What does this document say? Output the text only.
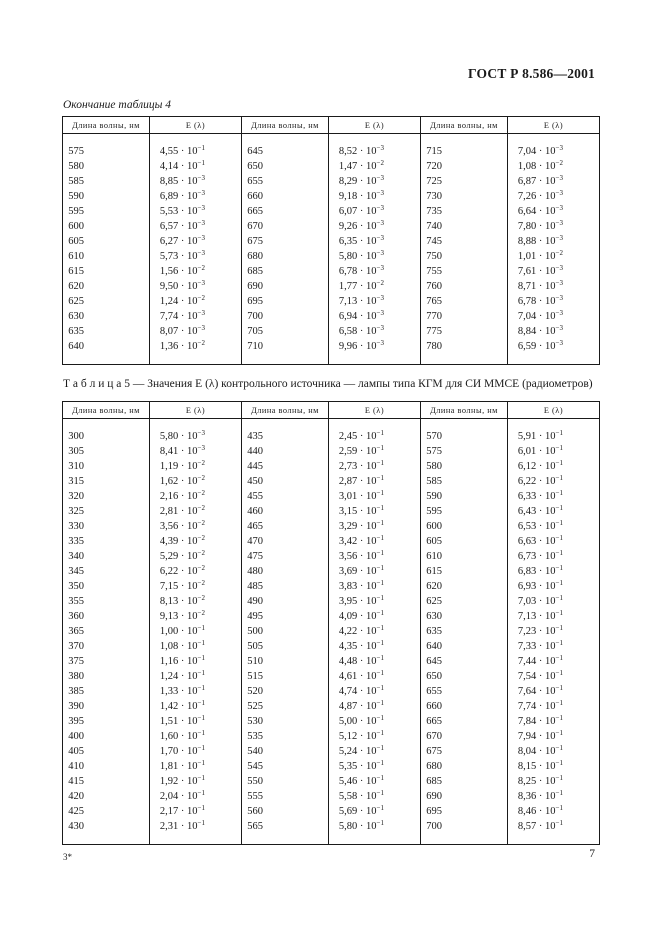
ГОСТ Р 8.586—2001
Окончание таблицы 4
Длина волны, нм	E (λ)	Длина волны, нм	E (λ)	Длина волны, нм	E (λ)

575	$4,55 \cdot 10^{-1}$	645	$8,52 \cdot 10^{-3}$	715	$7,04 \cdot 10^{-3}$
580	$4,14 \cdot 10^{-1}$	650	$1,47 \cdot 10^{-2}$	720	$1,08 \cdot 10^{-2}$
585	$8,85 \cdot 10^{-3}$	655	$8,29 \cdot 10^{-3}$	725	$6,87 \cdot 10^{-3}$
590	$6,89 \cdot 10^{-3}$	660	$9,18 \cdot 10^{-3}$	730	$7,26 \cdot 10^{-3}$
595	$5,53 \cdot 10^{-3}$	665	$6,07 \cdot 10^{-3}$	735	$6,64 \cdot 10^{-3}$
600	$6,57 \cdot 10^{-3}$	670	$9,26 \cdot 10^{-3}$	740	$7,80 \cdot 10^{-3}$
605	$6,27 \cdot 10^{-3}$	675	$6,35 \cdot 10^{-3}$	745	$8,88 \cdot 10^{-3}$
610	$5,73 \cdot 10^{-3}$	680	$5,80 \cdot 10^{-3}$	750	$1,01 \cdot 10^{-2}$
615	$1,56 \cdot 10^{-2}$	685	$6,78 \cdot 10^{-3}$	755	$7,61 \cdot 10^{-3}$
620	$9,50 \cdot 10^{-3}$	690	$1,77 \cdot 10^{-2}$	760	$8,71 \cdot 10^{-3}$
625	$1,24 \cdot 10^{-2}$	695	$7,13 \cdot 10^{-3}$	765	$6,78 \cdot 10^{-3}$
630	$7,74 \cdot 10^{-3}$	700	$6,94 \cdot 10^{-3}$	770	$7,04 \cdot 10^{-3}$
635	$8,07 \cdot 10^{-3}$	705	$6,58 \cdot 10^{-3}$	775	$8,84 \cdot 10^{-3}$
640	$1,36 \cdot 10^{-2}$	710	$9,96 \cdot 10^{-3}$	780	$6,59 \cdot 10^{-3}$

Т а б л и ц а 5 — Значения E (λ) контрольного источника — лампы типа КГМ для СИ ММСЕ (радиометров)
Длина волны, нм	E (λ)	Длина волны, нм	E (λ)	Длина волны, нм	E (λ)

300	$5,80 \cdot 10^{-3}$	435	$2,45 \cdot 10^{-1}$	570	$5,91 \cdot 10^{-1}$
305	$8,41 \cdot 10^{-3}$	440	$2,59 \cdot 10^{-1}$	575	$6,01 \cdot 10^{-1}$
310	$1,19 \cdot 10^{-2}$	445	$2,73 \cdot 10^{-1}$	580	$6,12 \cdot 10^{-1}$
315	$1,62 \cdot 10^{-2}$	450	$2,87 \cdot 10^{-1}$	585	$6,22 \cdot 10^{-1}$
320	$2,16 \cdot 10^{-2}$	455	$3,01 \cdot 10^{-1}$	590	$6,33 \cdot 10^{-1}$
325	$2,81 \cdot 10^{-2}$	460	$3,15 \cdot 10^{-1}$	595	$6,43 \cdot 10^{-1}$
330	$3,56 \cdot 10^{-2}$	465	$3,29 \cdot 10^{-1}$	600	$6,53 \cdot 10^{-1}$
335	$4,39 \cdot 10^{-2}$	470	$3,42 \cdot 10^{-1}$	605	$6,63 \cdot 10^{-1}$
340	$5,29 \cdot 10^{-2}$	475	$3,56 \cdot 10^{-1}$	610	$6,73 \cdot 10^{-1}$
345	$6,22 \cdot 10^{-2}$	480	$3,69 \cdot 10^{-1}$	615	$6,83 \cdot 10^{-1}$
350	$7,15 \cdot 10^{-2}$	485	$3,83 \cdot 10^{-1}$	620	$6,93 \cdot 10^{-1}$
355	$8,13 \cdot 10^{-2}$	490	$3,95 \cdot 10^{-1}$	625	$7,03 \cdot 10^{-1}$
360	$9,13 \cdot 10^{-2}$	495	$4,09 \cdot 10^{-1}$	630	$7,13 \cdot 10^{-1}$
365	$1,00 \cdot 10^{-1}$	500	$4,22 \cdot 10^{-1}$	635	$7,23 \cdot 10^{-1}$
370	$1,08 \cdot 10^{-1}$	505	$4,35 \cdot 10^{-1}$	640	$7,33 \cdot 10^{-1}$
375	$1,16 \cdot 10^{-1}$	510	$4,48 \cdot 10^{-1}$	645	$7,44 \cdot 10^{-1}$
380	$1,24 \cdot 10^{-1}$	515	$4,61 \cdot 10^{-1}$	650	$7,54 \cdot 10^{-1}$
385	$1,33 \cdot 10^{-1}$	520	$4,74 \cdot 10^{-1}$	655	$7,64 \cdot 10^{-1}$
390	$1,42 \cdot 10^{-1}$	525	$4,87 \cdot 10^{-1}$	660	$7,74 \cdot 10^{-1}$
395	$1,51 \cdot 10^{-1}$	530	$5,00 \cdot 10^{-1}$	665	$7,84 \cdot 10^{-1}$
400	$1,60 \cdot 10^{-1}$	535	$5,12 \cdot 10^{-1}$	670	$7,94 \cdot 10^{-1}$
405	$1,70 \cdot 10^{-1}$	540	$5,24 \cdot 10^{-1}$	675	$8,04 \cdot 10^{-1}$
410	$1,81 \cdot 10^{-1}$	545	$5,35 \cdot 10^{-1}$	680	$8,15 \cdot 10^{-1}$
415	$1,92 \cdot 10^{-1}$	550	$5,46 \cdot 10^{-1}$	685	$8,25 \cdot 10^{-1}$
420	$2,04 \cdot 10^{-1}$	555	$5,58 \cdot 10^{-1}$	690	$8,36 \cdot 10^{-1}$
425	$2,17 \cdot 10^{-1}$	560	$5,69 \cdot 10^{-1}$	695	$8,46 \cdot 10^{-1}$
430	$2,31 \cdot 10^{-1}$	565	$5,80 \cdot 10^{-1}$	700	$8,57 \cdot 10^{-1}$

3*	7
